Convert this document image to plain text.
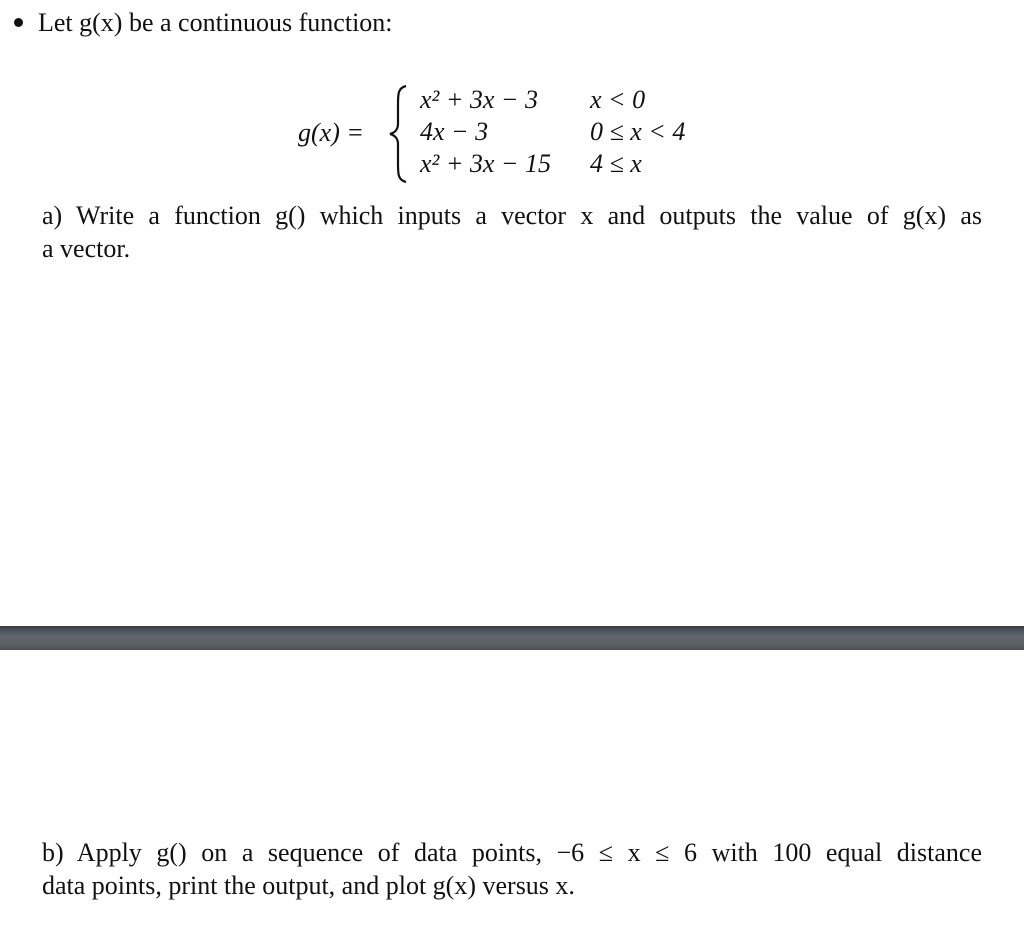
Let g(x) be a continuous function:
g(x) =
x² + 3x − 3 x < 0
4x − 3	0 ≤ x < 4
x² + 3x − 15 4 ≤ x
a) Write a function g() which inputs a vector x and outputs the value of g(x) as
a vector.
b) Apply g() on a sequence of data points, −6 ≤ x ≤ 6 with 100 equal distance
data points, print the output, and plot g(x) versus x.
